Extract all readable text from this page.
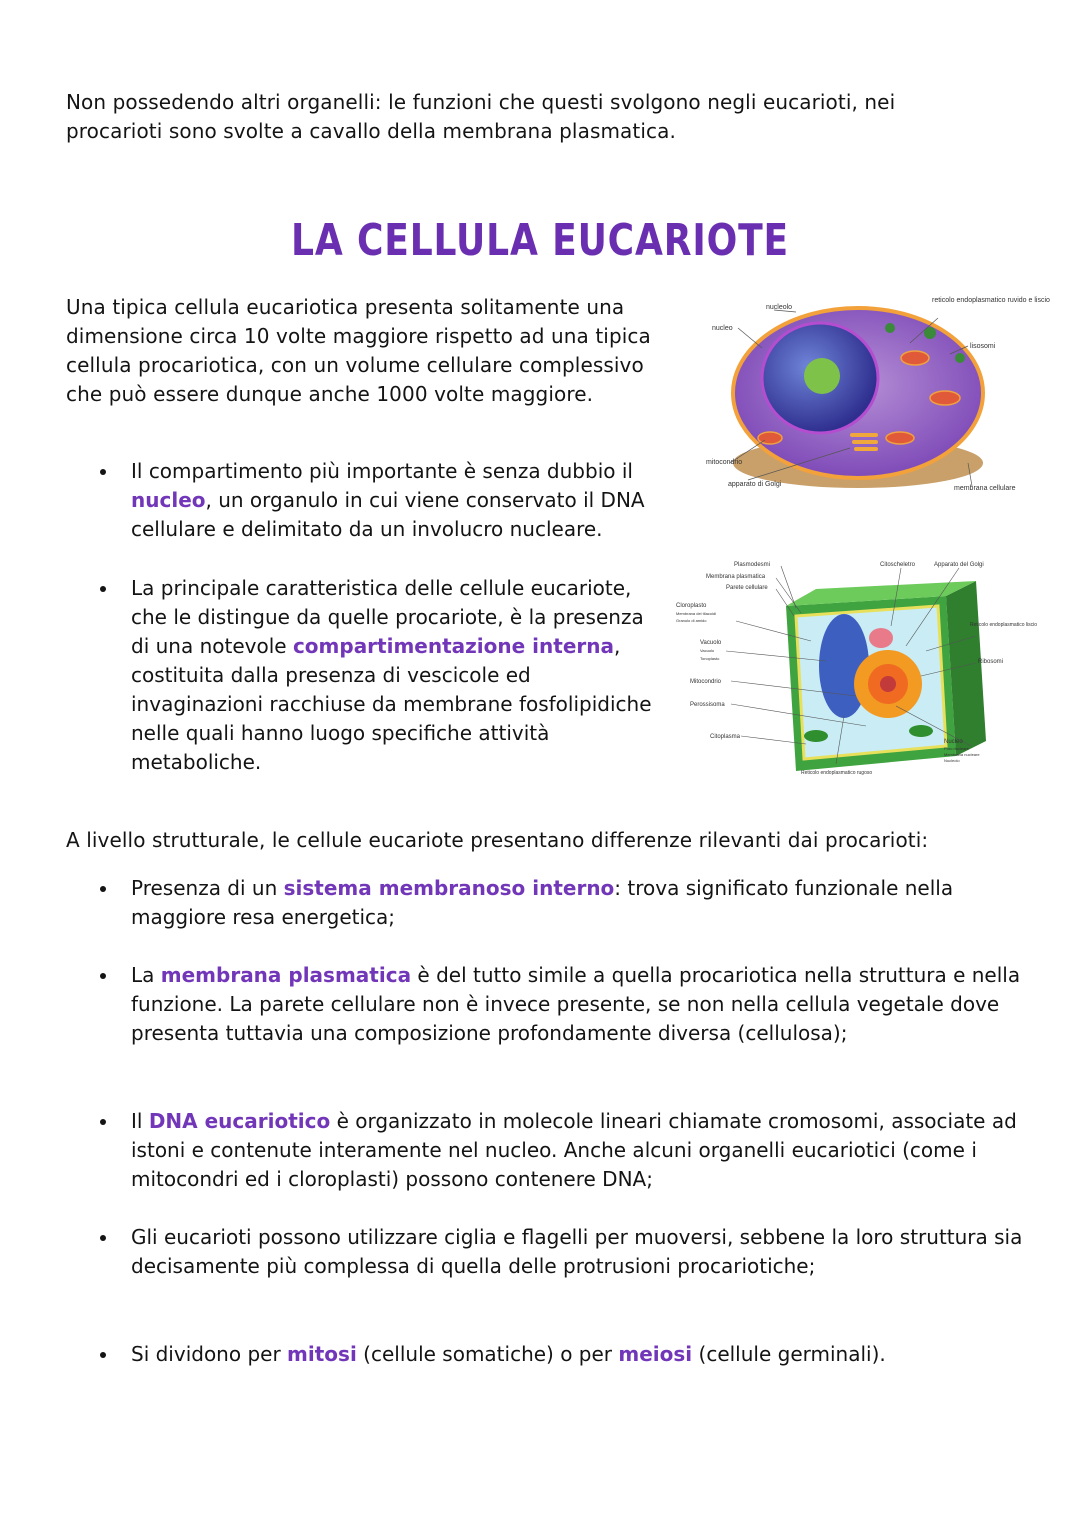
Non possedendo altri organelli: le funzioni che questi svolgono negli eucarioti, nei procarioti sono svolte a cavallo della membrana plasmatica.
LA CELLULA EUCARIOTE
Una tipica cellula eucariotica presenta solitamente una dimensione circa 10 volte maggiore rispetto ad una tipica cellula procariotica, con un volume cellulare complessivo che può essere dunque anche 1000 volte maggiore.
Il compartimento più importante è senza dubbio il nucleo, un organulo in cui viene conservato il DNA cellulare e delimitato da un involucro nucleare.
La principale caratteristica delle cellule eucariote, che le distingue da quelle procariote, è la presenza di una notevole compartimentazione interna, costituita dalla presenza di vescicole ed invaginazioni racchiuse da membrane fosfolipidiche nelle quali hanno luogo specifiche attività metaboliche.
nucleolo
reticolo endoplasmatico ruvido e liscio
nucleo
lisosomi
mitocondrio
apparato di Golgi
membrana cellulare
Plasmodesmi
Membrana plasmatica
Parete cellulare
Citoscheletro	Apparato del Golgi
Cloroplasto
Membrana dei tilacoidi
Granulo di amido
Reticolo endoplasmatico liscio
Vacuolo
Vacuolo
Tonoplasto
Ribosomi
Mitocondrio
Perossisoma
Citoplasma
Nucleo
Poro nucleare
Membrana nucleare
Nucleolo
Reticolo endoplasmatico rugoso
A livello strutturale, le cellule eucariote presentano differenze rilevanti dai procarioti:
Presenza di un sistema membranoso interno: trova significato funzionale nella maggiore resa energetica;
La membrana plasmatica è del tutto simile a quella procariotica nella struttura e nella funzione. La parete cellulare non è invece presente, se non nella cellula vegetale dove presenta tuttavia una composizione profondamente diversa (cellulosa);
Il DNA eucariotico è organizzato in molecole lineari chiamate cromosomi, associate ad istoni e contenute interamente nel nucleo. Anche alcuni organelli eucariotici (come i mitocondri ed i cloroplasti) possono contenere DNA;
Gli eucarioti possono utilizzare ciglia e flagelli per muoversi, sebbene la loro struttura sia decisamente più complessa di quella delle protrusioni procariotiche;
Si dividono per mitosi (cellule somatiche) o per meiosi (cellule germinali).
